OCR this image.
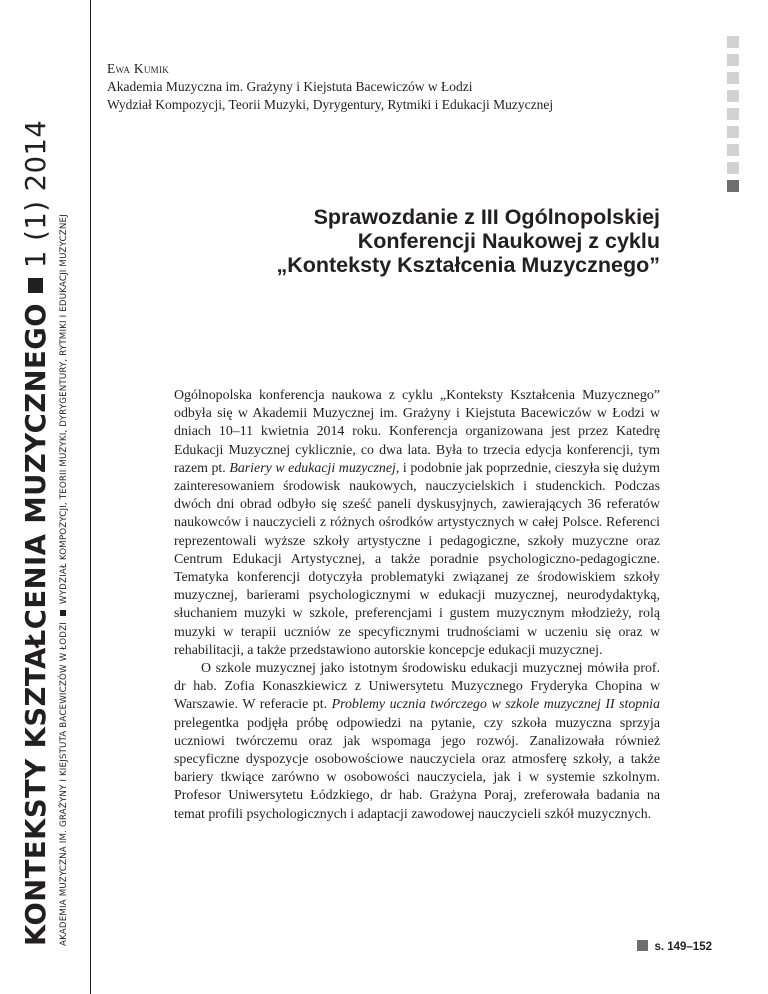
KONTEKSTY KSZTAŁCENIA MUZYCZNEGO1 (1) 2014
AKADEMIA MUZYCZNA IM. GRAŻYNY I KIEJSTUTA BACEWICZÓW W ŁODZIWYDZIAŁ KOMPOZYCJI, TEORII MUZYKI, DYRYGENTURY, RYTMIKI I EDUKACJI MUZYCZNEJ
Ewa Kumik
Akademia Muzyczna im. Grażyny i Kiejstuta Bacewiczów w Łodzi
Wydział Kompozycji, Teorii Muzyki, Dyrygentury, Rytmiki i Edukacji Muzycznej
Sprawozdanie z III Ogólnopolskiej
Konferencji Naukowej z cyklu
„Konteksty Kształcenia Muzycznego”

Ogólnopolska konferencja naukowa z cyklu „Konteksty Kształcenia Muzycznego” odbyła się w Akademii Muzycznej im. Grażyny i Kiejstuta Bacewiczów w Łodzi w dniach 10–11 kwietnia 2014 roku. Konferencja organizowana jest przez Katedrę Edukacji Muzycznej cyklicznie, co dwa lata. Była to trzecia edycja konferencji, tym razem pt. Bariery w edukacji muzycznej, i podobnie jak poprzednie, cieszyła się dużym zainteresowaniem środowisk naukowych, nauczycielskich i studenckich. Podczas dwóch dni obrad odbyło się sześć paneli dyskusyjnych, zawierających 36 referatów naukowców i nauczycieli z różnych ośrodków artystycznych w całej Polsce. Referenci reprezentowali wyższe szkoły artystyczne i pedagogiczne, szkoły muzyczne oraz Centrum Edukacji Artystycznej, a także poradnie psychologiczno-pedagogiczne. Tematyka konferencji dotyczyła problematyki związanej ze środowiskiem szkoły muzycznej, barierami psychologicznymi w edukacji muzycznej, neurodydaktyką, słuchaniem muzyki w szkole, preferencjami i gustem muzycznym młodzieży, rolą muzyki w terapii uczniów ze specyficznymi trudnościami w uczeniu się oraz w rehabilitacji, a także przedstawiono autorskie koncepcje edukacji muzycznej.

O szkole muzycznej jako istotnym środowisku edukacji muzycznej mówiła prof. dr hab. Zofia Konaszkiewicz z Uniwersytetu Muzycznego Fryderyka Chopina w Warszawie. W referacie pt. Problemy ucznia twórczego w szkole muzycznej II stopnia prelegentka podjęła próbę odpowiedzi na pytanie, czy szkoła muzyczna sprzyja uczniowi twórczemu oraz jak wspomaga jego rozwój. Zanalizowała również specyficzne dyspozycje osobowościowe nauczyciela oraz atmosferę szkoły, a także bariery tkwiące zarówno w osobowości nauczyciela, jak i w systemie szkolnym. Profesor Uniwersytetu Łódzkiego, dr hab. Grażyna Poraj, zreferowała badania na temat profili psychologicznych i adaptacji zawodowej nauczycieli szkół muzycznych.

s. 149–152
